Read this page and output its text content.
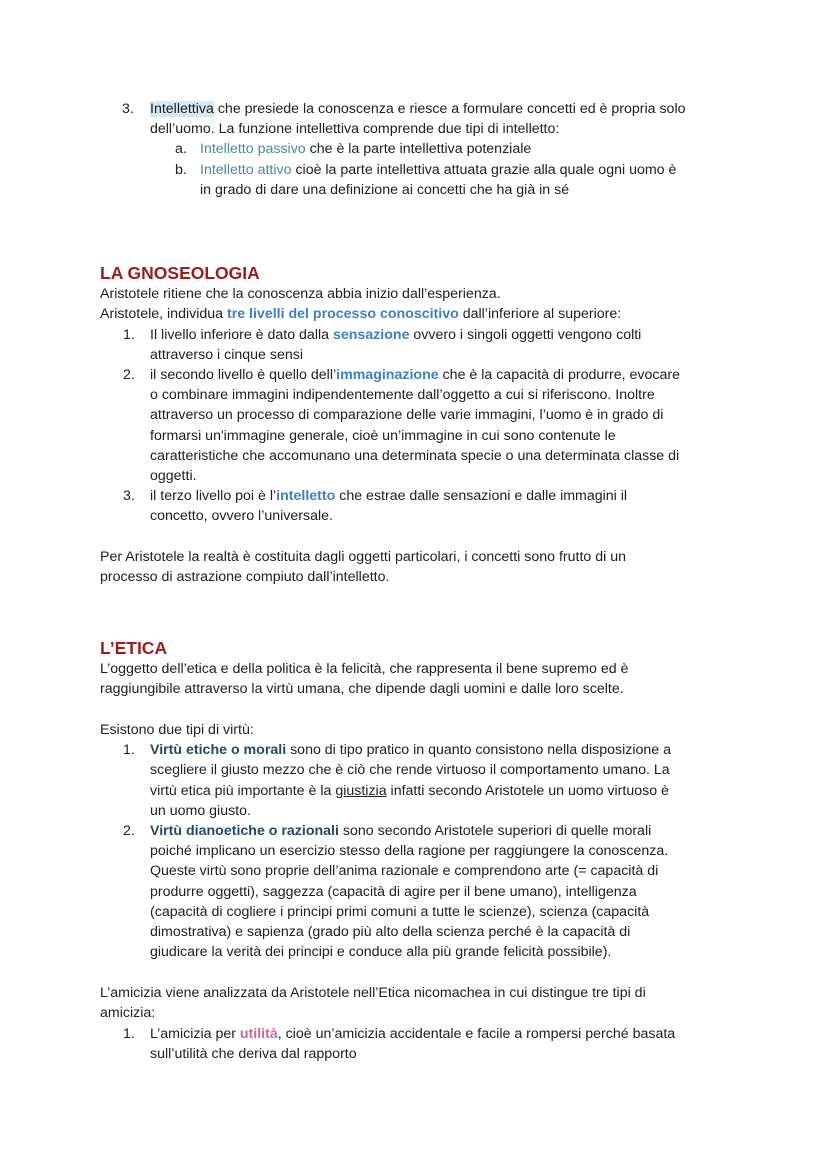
3.	Intellettiva che presiede la conoscenza e riesce a formulare concetti ed è propria solo
dell’uomo. La funzione intellettiva comprende due tipi di intelletto:
a. Intelletto passivo che è la parte intellettiva potenziale
b. Intelletto attivo cioè la parte intellettiva attuata grazie alla quale ogni uomo è
in grado di dare una definizione ai concetti che ha già in sé
LA GNOSEOLOGIA
Aristotele ritiene che la conoscenza abbia inizio dall’esperienza.
Aristotele, individua tre livelli del processo conoscitivo dall’inferiore al superiore:
1.	Il livello inferiore è dato dalla sensazione ovvero i singoli oggetti vengono colti
attraverso i cinque sensi
2.	il secondo livello è quello dell’immaginazione che è la capacità di produrre, evocare
o combinare immagini indipendentemente dall’oggetto a cui si riferiscono. Inoltre
attraverso un processo di comparazione delle varie immagini, l’uomo è in grado di
formarsi un'immagine generale, cioè un’immagine in cui sono contenute le
caratteristiche che accomunano una determinata specie o una determinata classe di
oggetti.
3.	il terzo livello poi è l’intelletto che estrae dalle sensazioni e dalle immagini il
concetto, ovvero l’universale.
Per Aristotele la realtà è costituita dagli oggetti particolari, i concetti sono frutto di un
processo di astrazione compiuto dall’intelletto.
L’ETICA
L’oggetto dell’etica e della politica è la felicità, che rappresenta il bene supremo ed è
raggiungibile attraverso la virtù umana, che dipende dagli uomini e dalle loro scelte.
Esistono due tipi di virtù:
1.	Virtù etiche o morali sono di tipo pratico in quanto consistono nella disposizione a
scegliere il giusto mezzo che è ciò che rende virtuoso il comportamento umano. La
virtù etica più importante è la giustizia infatti secondo Aristotele un uomo virtuoso è
un uomo giusto.
2.	Virtù dianoetiche o razionali sono secondo Aristotele superiori di quelle morali
poiché implicano un esercizio stesso della ragione per raggiungere la conoscenza.
Queste virtù sono proprie dell’anima razionale e comprendono arte (= capacità di
produrre oggetti), saggezza (capacità di agire per il bene umano), intelligenza
(capacità di cogliere i principi primi comuni a tutte le scienze), scienza (capacità
dimostrativa) e sapienza (grado più alto della scienza perché è la capacità di
giudicare la verità dei principi e conduce alla più grande felicità possibile).
L’amicizia viene analizzata da Aristotele nell’Etica nicomachea in cui distingue tre tipi di
amicizia:
1.	L’amicizia per utilità, cioè un’amicizia accidentale e facile a rompersi perché basata
sull’utilità che deriva dal rapporto
